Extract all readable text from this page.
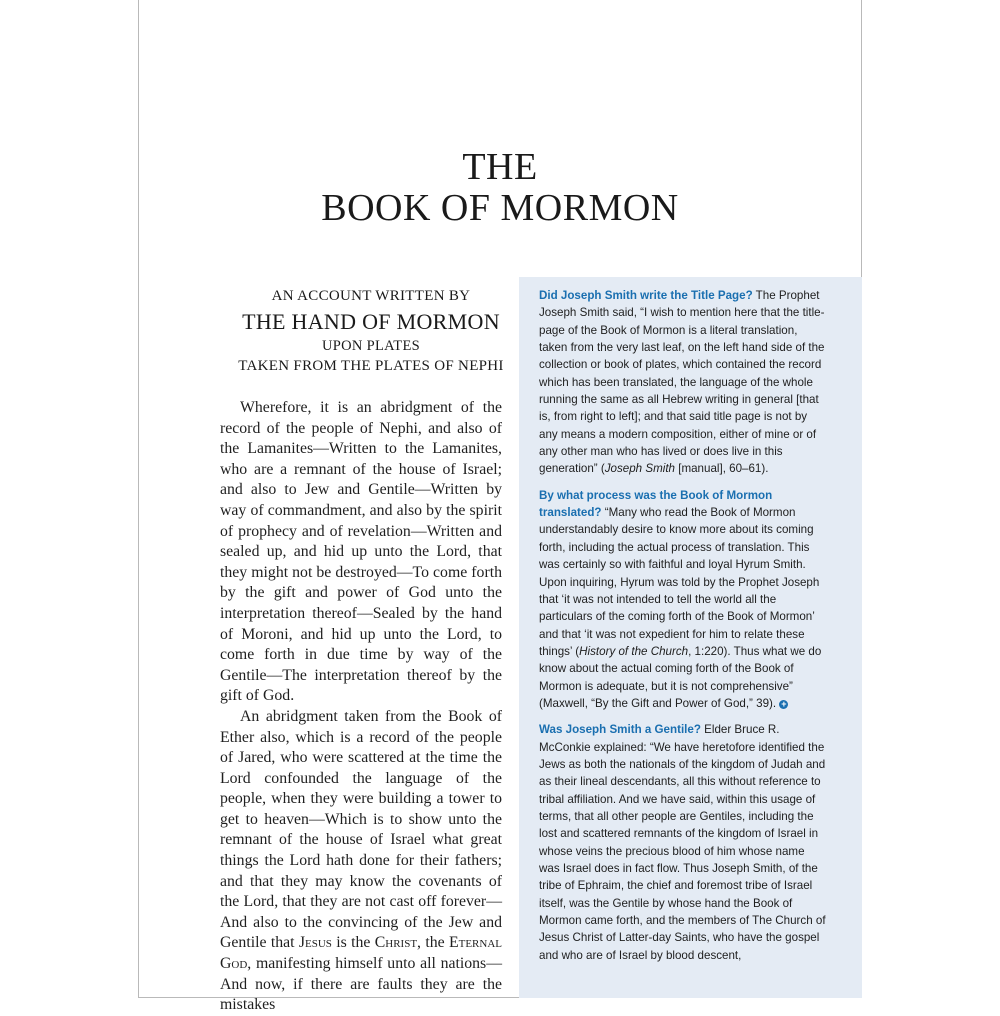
THE
BOOK OF MORMON
AN ACCOUNT WRITTEN BY
THE HAND OF MORMON
UPON PLATES
TAKEN FROM THE PLATES OF NEPHI

Wherefore, it is an abridgment of the record of the people of Nephi, and also of the Lamanites—Written to the Lamanites, who are a remnant of the house of Israel; and also to Jew and Gentile—Written by way of commandment, and also by the spirit of prophecy and of revelation—Written and sealed up, and hid up unto the Lord, that they might not be destroyed—To come forth by the gift and power of God unto the interpretation thereof—Sealed by the hand of Moroni, and hid up unto the Lord, to come forth in due time by way of the Gentile—The interpretation thereof by the gift of God.

An abridgment taken from the Book of Ether also, which is a record of the people of Jared, who were scattered at the time the Lord confounded the language of the people, when they were building a tower to get to heaven—Which is to show unto the remnant of the house of Israel what great things the Lord hath done for their fathers; and that they may know the covenants of the Lord, that they are not cast off forever—And also to the convincing of the Jew and Gentile that Jesus is the Christ, the Eternal God, manifesting himself unto all nations—And now, if there are faults they are the mistakes

Did Joseph Smith write the Title Page? The Prophet Joseph Smith said, “I wish to mention here that the title-page of the Book of Mormon is a literal translation, taken from the very last leaf, on the left hand side of the collection or book of plates, which contained the record which has been translated, the language of the whole running the same as all Hebrew writing in general [that is, from right to left]; and that said title page is not by any means a modern composition, either of mine or of any other man who has lived or does live in this generation” (Joseph Smith [manual], 60–61).

By what process was the Book of Mormon translated? “Many who read the Book of Mormon understandably desire to know more about its coming forth, including the actual process of translation. This was certainly so with faithful and loyal Hyrum Smith. Upon inquiring, Hyrum was told by the Prophet Joseph that ‘it was not intended to tell the world all the particulars of the coming forth of the Book of Mormon’ and that ‘it was not expedient for him to relate these things’ (History of the Church, 1:220). Thus what we do know about the actual coming forth of the Book of Mormon is adequate, but it is not comprehensive” (Maxwell, “By the Gift and Power of God,” 39). +

Was Joseph Smith a Gentile? Elder Bruce R. McConkie explained: “We have heretofore identified the Jews as both the nationals of the kingdom of Judah and as their lineal descendants, all this without reference to tribal affiliation. And we have said, within this usage of terms, that all other people are Gentiles, including the lost and scattered remnants of the kingdom of Israel in whose veins the precious blood of him whose name was Israel does in fact flow. Thus Joseph Smith, of the tribe of Ephraim, the chief and foremost tribe of Israel itself, was the Gentile by whose hand the Book of Mormon came forth, and the members of The Church of Jesus Christ of Latter-day Saints, who have the gospel and who are of Israel by blood descent,
